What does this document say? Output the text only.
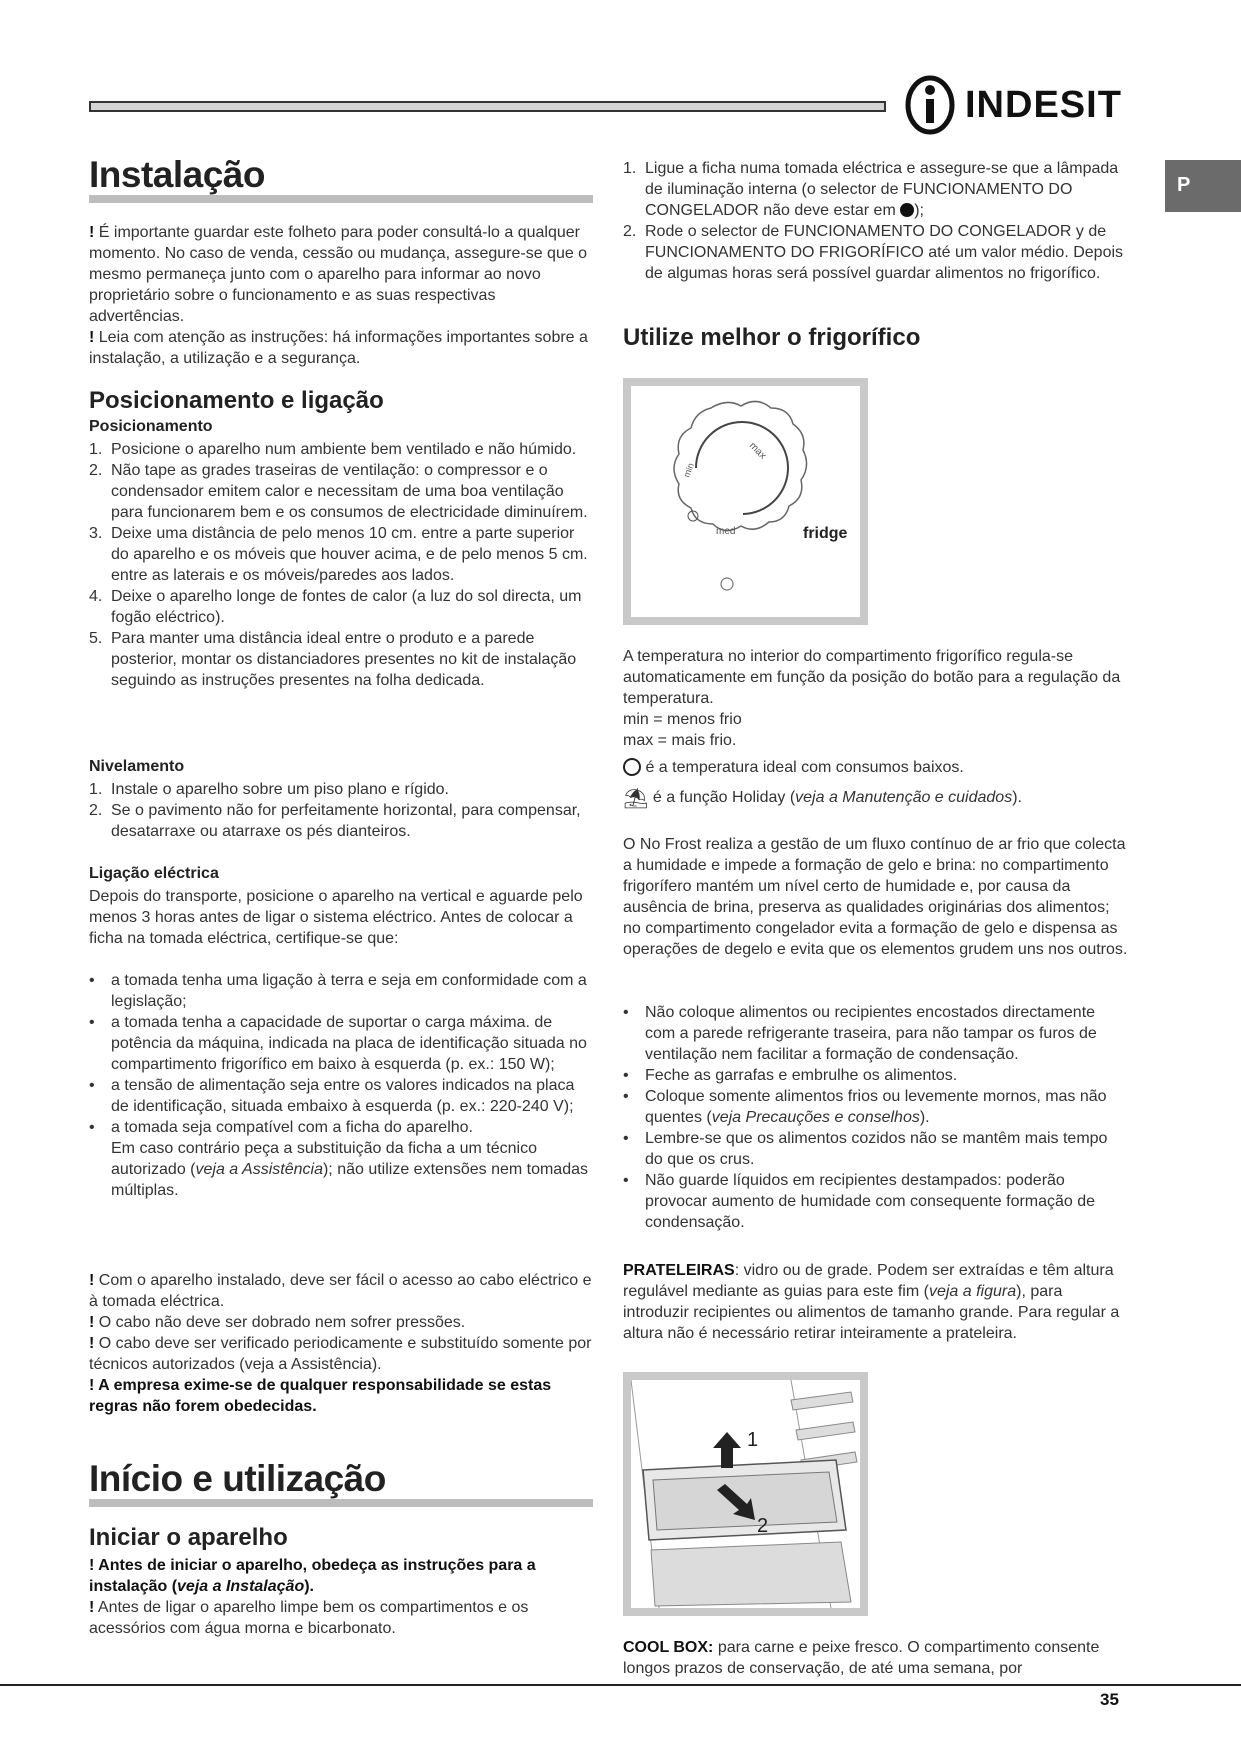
INDESIT
P
Instalação
! É importante guardar este folheto para poder consultá-lo a qualquer momento. No caso de venda, cessão ou mudança, assegure-se que o mesmo permaneça junto com o aparelho para informar ao novo proprietário sobre o funcionamento e as suas respectivas advertências.
! Leia com atenção as instruções: há informações importantes sobre a instalação, a utilização e a segurança.
Posicionamento e ligação
Posicionamento
1. Posicione o aparelho num ambiente bem ventilado e não húmido.
2. Não tape as grades traseiras de ventilação: o compressor e o condensador emitem calor e necessitam de uma boa ventilação para funcionarem bem e os consumos de electricidade diminuírem.
3. Deixe uma distância de pelo menos 10 cm. entre a parte superior do aparelho e os móveis que houver acima, e de pelo menos 5 cm. entre as laterais e os móveis/paredes aos lados.
4. Deixe o aparelho longe de fontes de calor (a luz do sol directa, um fogão eléctrico).
5. Para manter uma distância ideal entre o produto e a parede posterior, montar os distanciadores presentes no kit de instalação seguindo as instruções presentes na folha dedicada.
Nivelamento
1. Instale o aparelho sobre um piso plano e rígido.
2. Se o pavimento não for perfeitamente horizontal, para compensar, desatarraxe ou atarraxe os pés dianteiros.
Ligação eléctrica
Depois do transporte, posicione o aparelho na vertical e aguarde pelo menos 3 horas antes de ligar o sistema eléctrico. Antes de colocar a ficha na tomada eléctrica, certifique-se que:
• a tomada tenha uma ligação à terra e seja em conformidade com a legislação;
• a tomada tenha a capacidade de suportar o carga máxima. de potência da máquina, indicada na placa de identificação situada no compartimento frigorífico em baixo à esquerda (p. ex.: 150 W);
• a tensão de alimentação seja entre os valores indicados na placa de identificação, situada embaixo à esquerda (p. ex.: 220-240 V);
• a tomada seja compatível com a ficha do aparelho.
Em caso contrário peça a substituição da ficha a um técnico autorizado (veja a Assistência); não utilize extensões nem tomadas múltiplas.
! Com o aparelho instalado, deve ser fácil o acesso ao cabo eléctrico e à tomada eléctrica.
! O cabo não deve ser dobrado nem sofrer pressões.
! O cabo deve ser verificado periodicamente e substituído somente por técnicos autorizados (veja a Assistência).
! A empresa exime-se de qualquer responsabilidade se estas regras não forem obedecidas.
Início e utilização
Iniciar o aparelho
! Antes de iniciar o aparelho, obedeça as instruções para a instalação (veja a Instalação).
! Antes de ligar o aparelho limpe bem os compartimentos e os acessórios com água morna e bicarbonato.
1. Ligue a ficha numa tomada eléctrica e assegure-se que a lâmpada de iluminação interna (o selector de FUNCIONAMENTO DO CONGELADOR não deve estar em );
2. Rode o selector de FUNCIONAMENTO DO CONGELADOR y de FUNCIONAMENTO DO FRIGORÍFICO até um valor médio. Depois de algumas horas será possível guardar alimentos no frigorífico.
Utilize melhor o frigorífico
min
max
med	fridge
A temperatura no interior do compartimento frigorífico regula-se automaticamente em função da posição do botão para a regulação da temperatura.
min = menos frio
max = mais frio.
é a temperatura ideal com consumos baixos.
⛱ é a função Holiday (veja a Manutenção e cuidados).
O No Frost realiza a gestão de um fluxo contínuo de ar frio que colecta a humidade e impede a formação de gelo e brina: no compartimento frigorífero mantém um nível certo de humidade e, por causa da ausência de brina, preserva as qualidades originárias dos alimentos; no compartimento congelador evita a formação de gelo e dispensa as operações de degelo e evita que os elementos grudem uns nos outros.
• Não coloque alimentos ou recipientes encostados directamente com a parede refrigerante traseira, para não tampar os furos de ventilação nem facilitar a formação de condensação.
• Feche as garrafas e embrulhe os alimentos.
• Coloque somente alimentos frios ou levemente mornos, mas não quentes (veja Precauções e conselhos).
• Lembre-se que os alimentos cozidos não se mantêm mais tempo do que os crus.
• Não guarde líquidos em recipientes destampados: poderão provocar aumento de humidade com consequente formação de condensação.
PRATELEIRAS: vidro ou de grade. Podem ser extraídas e têm altura regulável mediante as guias para este fim (veja a figura), para introduzir recipientes ou alimentos de tamanho grande. Para regular a altura não é necessário retirar inteiramente a prateleira.
1
2
COOL BOX: para carne e peixe fresco. O compartimento consente longos prazos de conservação, de até uma semana, por
35
